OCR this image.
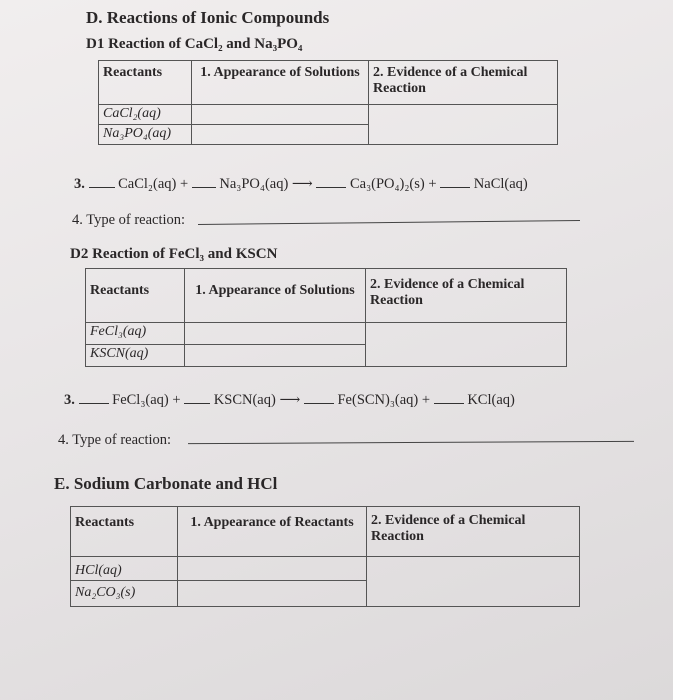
D. Reactions of Ionic Compounds
D1 Reaction of CaCl₂ and Na₃PO₄
Reactants	1. Appearance of Solutions	2. Evidence of a Chemical Reaction
CaCl₂(aq)		
Na₃PO₄(aq)		
3. CaCl₂(aq) + Na₃PO₄(aq) ⟶	Ca₃(PO₄)₂(s) +	NaCl(aq)
4. Type of reaction:
D2 Reaction of FeCl₃ and KSCN
Reactants	1. Appearance of Solutions	2. Evidence of a Chemical Reaction
FeCl₃(aq)		
KSCN(aq)		
3.	FeCl₃(aq) + KSCN(aq) ⟶	Fe(SCN)₃(aq) +	KCl(aq)
4. Type of reaction:
E. Sodium Carbonate and HCl
Reactants	1. Appearance of Reactants	2. Evidence of a Chemical Reaction
HCl(aq)		
Na₂CO₃(s)		
